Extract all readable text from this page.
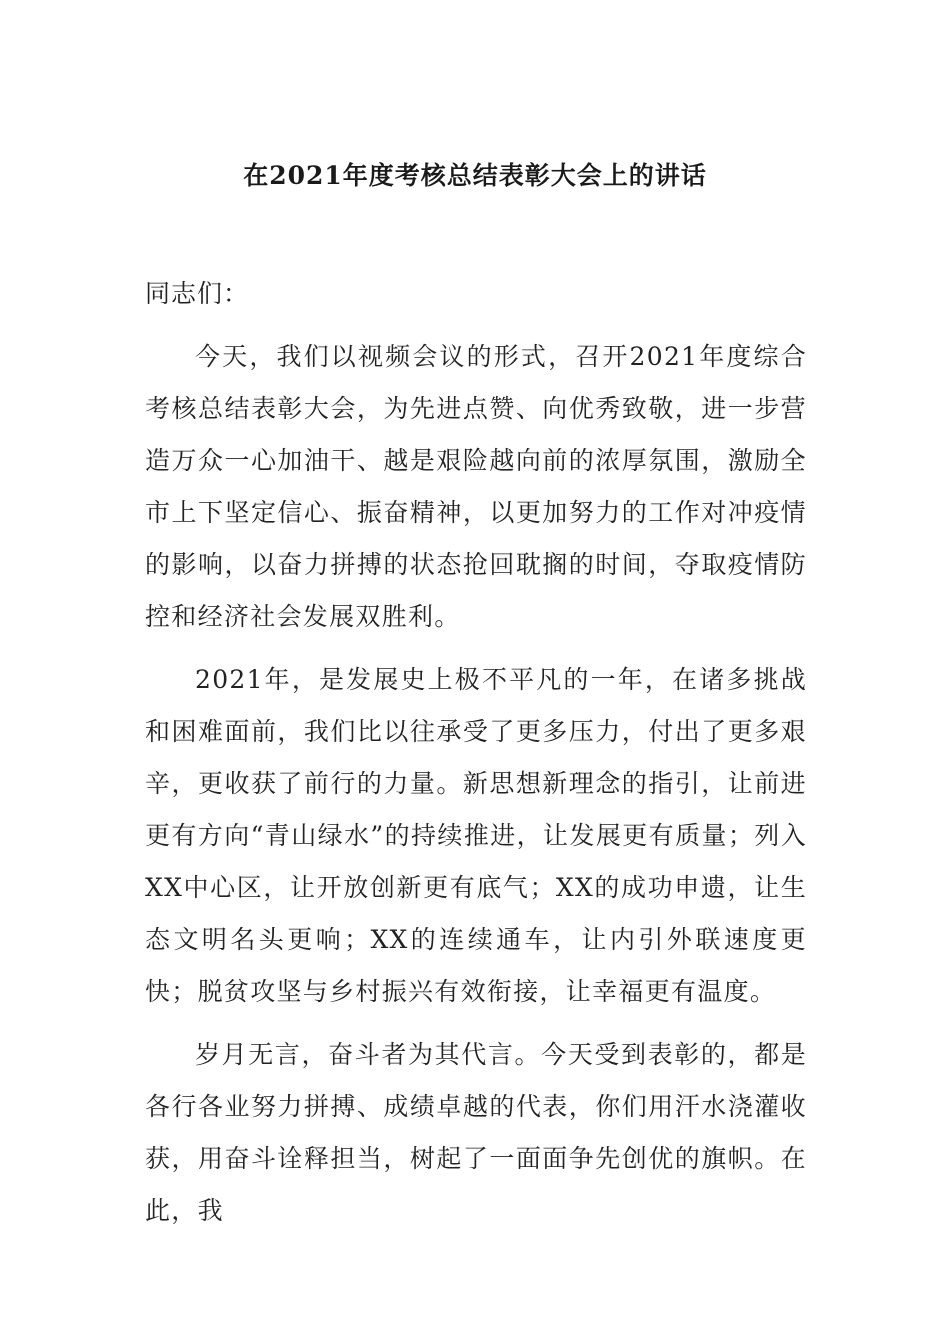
在2021年度考核总结表彰大会上的讲话

同志们：

今天，我们以视频会议的形式，召开2021年度综合考核总结表彰大会，为先进点赞、向优秀致敬，进一步营造万众一心加油干、越是艰险越向前的浓厚氛围，激励全市上下坚定信心、振奋精神，以更加努力的工作对冲疫情的影响，以奋力拼搏的状态抢回耽搁的时间，夺取疫情防控和经济社会发展双胜利。

2021年，是发展史上极不平凡的一年，在诸多挑战和困难面前，我们比以往承受了更多压力，付出了更多艰辛，更收获了前行的力量。新思想新理念的指引，让前进更有方向“青山绿水”的持续推进，让发展更有质量；列入XX中心区，让开放创新更有底气；XX的成功申遗，让生态文明名头更响；XX的连续通车，让内引外联速度更快；脱贫攻坚与乡村振兴有效衔接，让幸福更有温度。

岁月无言，奋斗者为其代言。今天受到表彰的，都是各行各业努力拼搏、成绩卓越的代表，你们用汗水浇灌收获，用奋斗诠释担当，树起了一面面争先创优的旗帜。在此，我
